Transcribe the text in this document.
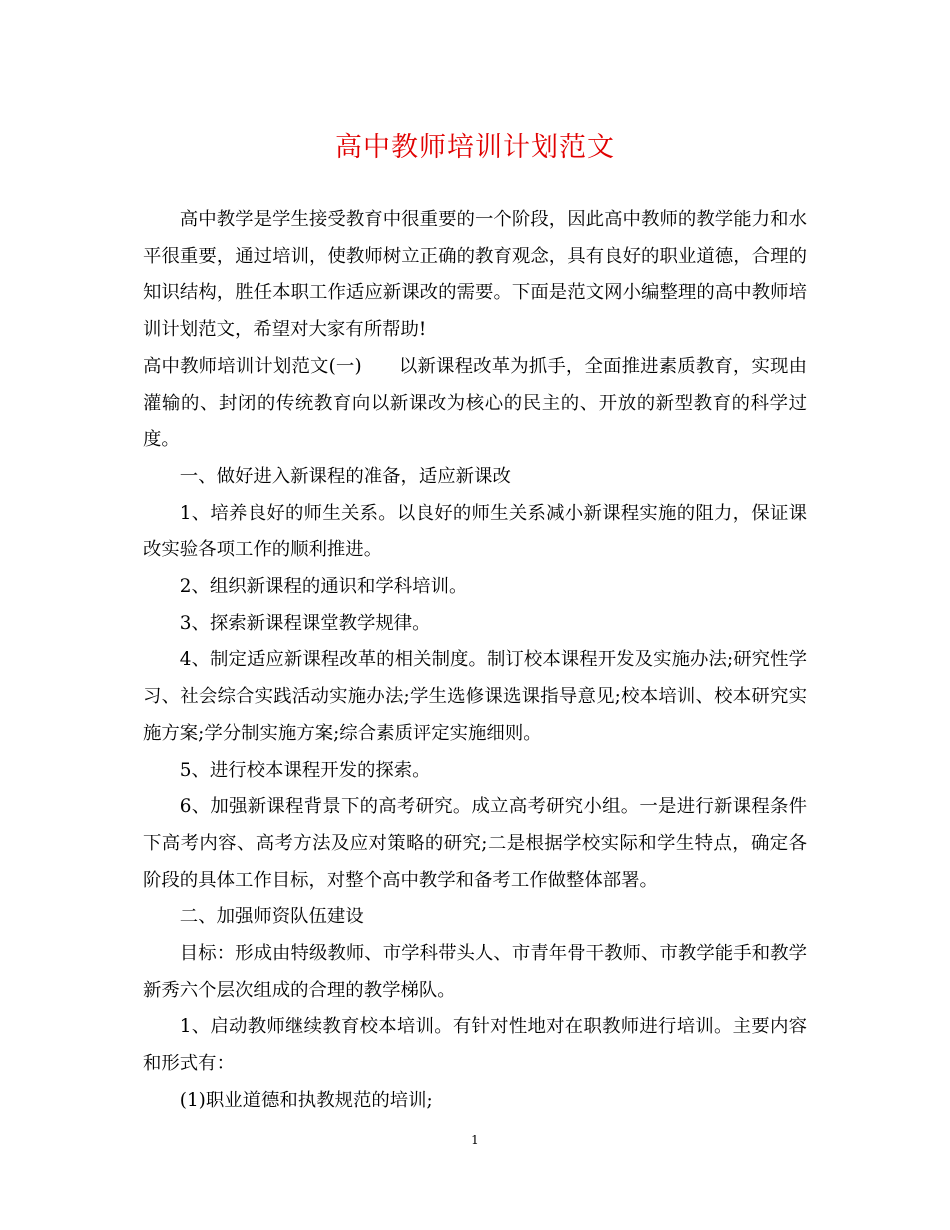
高中教师培训计划范文

高中教学是学生接受教育中很重要的一个阶段，因此高中教师的教学能力和水平很重要，通过培训，使教师树立正确的教育观念，具有良好的职业道德，合理的知识结构，胜任本职工作适应新课改的需要。下面是范文网小编整理的高中教师培训计划范文，希望对大家有所帮助!

高中教师培训计划范文(一)　　以新课程改革为抓手，全面推进素质教育，实现由灌输的、封闭的传统教育向以新课改为核心的民主的、开放的新型教育的科学过度。

一、做好进入新课程的准备，适应新课改

1、培养良好的师生关系。以良好的师生关系减小新课程实施的阻力，保证课改实验各项工作的顺利推进。

2、组织新课程的通识和学科培训。

3、探索新课程课堂教学规律。

4、制定适应新课程改革的相关制度。制订校本课程开发及实施办法;研究性学习、社会综合实践活动实施办法;学生选修课选课指导意见;校本培训、校本研究实施方案;学分制实施方案;综合素质评定实施细则。

5、进行校本课程开发的探索。

6、加强新课程背景下的高考研究。成立高考研究小组。一是进行新课程条件下高考内容、高考方法及应对策略的研究;二是根据学校实际和学生特点，确定各阶段的具体工作目标，对整个高中教学和备考工作做整体部署。

二、加强师资队伍建设

目标：形成由特级教师、市学科带头人、市青年骨干教师、市教学能手和教学新秀六个层次组成的合理的教学梯队。

1、启动教师继续教育校本培训。有针对性地对在职教师进行培训。主要内容和形式有：

(1)职业道德和执教规范的培训;

1
